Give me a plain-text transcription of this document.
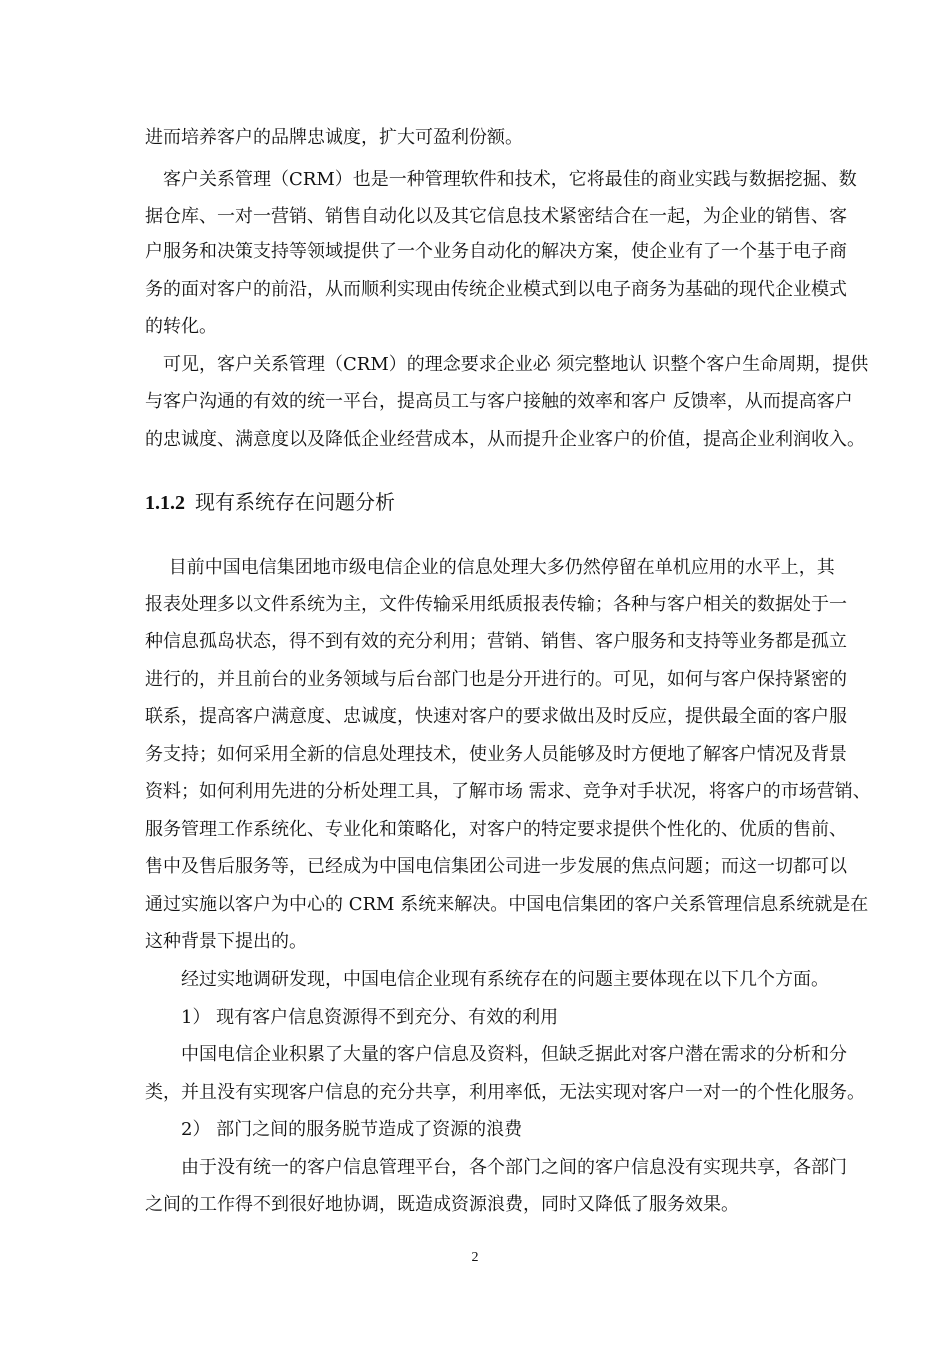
进而培养客户的品牌忠诚度，扩大可盈利份额。
　客户关系管理（CRM）也是一种管理软件和技术，它将最佳的商业实践与数据挖掘、数
据仓库、一对一营销、销售自动化以及其它信息技术紧密结合在一起，为企业的销售、客
户服务和决策支持等领域提供了一个业务自动化的解决方案，使企业有了一个基于电子商
务的面对客户的前沿，从而顺利实现由传统企业模式到以电子商务为基础的现代企业模式
的转化。
　可见，客户关系管理（CRM）的理念要求企业必 须完整地认 识整个客户生命周期，提供
与客户沟通的有效的统一平台，提高员工与客户接触的效率和客户 反馈率，从而提高客户
的忠诚度、满意度以及降低企业经营成本，从而提升企业客户的价值，提高企业利润收入。
1.1.2 现有系统存在问题分析
　 目前中国电信集团地市级电信企业的信息处理大多仍然停留在单机应用的水平上，其
报表处理多以文件系统为主，文件传输采用纸质报表传输；各种与客户相关的数据处于一
种信息孤岛状态，得不到有效的充分利用；营销、销售、客户服务和支持等业务都是孤立
进行的，并且前台的业务领域与后台部门也是分开进行的。可见，如何与客户保持紧密的
联系，提高客户满意度、忠诚度，快速对客户的要求做出及时反应，提供最全面的客户服
务支持；如何采用全新的信息处理技术，使业务人员能够及时方便地了解客户情况及背景
资料；如何利用先进的分析处理工具，了解市场 需求、竞争对手状况，将客户的市场营销、
服务管理工作系统化、专业化和策略化，对客户的特定要求提供个性化的、优质的售前、
售中及售后服务等，已经成为中国电信集团公司进一步发展的焦点问题；而这一切都可以
通过实施以客户为中心的 CRM 系统来解决。中国电信集团的客户关系管理信息系统就是在
这种背景下提出的。
　　经过实地调研发现，中国电信企业现有系统存在的问题主要体现在以下几个方面。
　　1） 现有客户信息资源得不到充分、有效的利用
　　中国电信企业积累了大量的客户信息及资料，但缺乏据此对客户潜在需求的分析和分
类，并且没有实现客户信息的充分共享，利用率低，无法实现对客户一对一的个性化服务。
　　2） 部门之间的服务脱节造成了资源的浪费
　　由于没有统一的客户信息管理平台，各个部门之间的客户信息没有实现共享，各部门
之间的工作得不到很好地协调，既造成资源浪费，同时又降低了服务效果。
2
